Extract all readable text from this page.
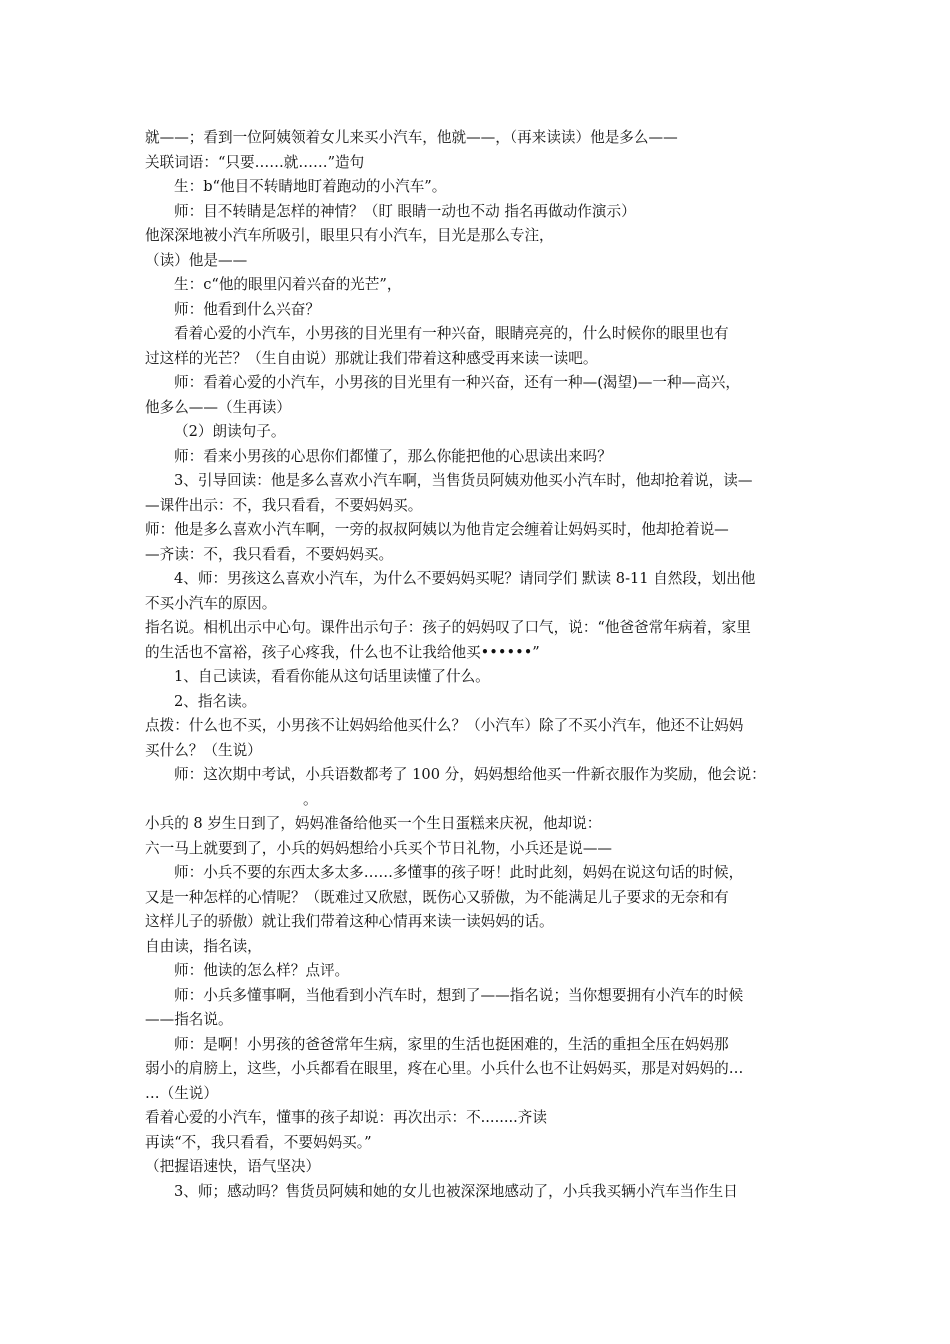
就——；看到一位阿姨领着女儿来买小汽车，他就——，（再来读读）他是多么——
关联词语：“只要……就……”造句
生：b“他目不转睛地盯着跑动的小汽车”。
师：目不转睛是怎样的神情？（盯 眼睛一动也不动 指名再做动作演示）
他深深地被小汽车所吸引，眼里只有小汽车，目光是那么专注，
（读）他是——
生：c“他的眼里闪着兴奋的光芒”，
师：他看到什么兴奋？
看着心爱的小汽车，小男孩的目光里有一种兴奋，眼睛亮亮的，什么时候你的眼里也有
过这样的光芒？（生自由说）那就让我们带着这种感受再来读一读吧。
师：看着心爱的小汽车，小男孩的目光里有一种兴奋，还有一种—(渴望)—一种—高兴，
他多么——（生再读）
（2）朗读句子。
师：看来小男孩的心思你们都懂了，那么你能把他的心思读出来吗？
3、引导回读：他是多么喜欢小汽车啊，当售货员阿姨劝他买小汽车时，他却抢着说，读—
—课件出示：不，我只看看，不要妈妈买。
师：他是多么喜欢小汽车啊，一旁的叔叔阿姨以为他肯定会缠着让妈妈买时，他却抢着说—
—齐读：不，我只看看，不要妈妈买。
4、师：男孩这么喜欢小汽车，为什么不要妈妈买呢？请同学们 默读 8-11 自然段，划出他
不买小汽车的原因。
指名说。相机出示中心句。课件出示句子：孩子的妈妈叹了口气，说：“他爸爸常年病着，家里
的生活也不富裕，孩子心疼我，什么也不让我给他买••••••”
1、自己读读，看看你能从这句话里读懂了什么。
2、指名读。
点拨：什么也不买，小男孩不让妈妈给他买什么？（小汽车）除了不买小汽车，他还不让妈妈
买什么？（生说）
师：这次期中考试，小兵语数都考了 100 分，妈妈想给他买一件新衣服作为奖励，他会说：
。
小兵的 8 岁生日到了，妈妈准备给他买一个生日蛋糕来庆祝，他却说：
六一马上就要到了，小兵的妈妈想给小兵买个节日礼物，小兵还是说——
师：小兵不要的东西太多太多……多懂事的孩子呀！此时此刻，妈妈在说这句话的时候，
又是一种怎样的心情呢？（既难过又欣慰，既伤心又骄傲，为不能满足儿子要求的无奈和有
这样儿子的骄傲）就让我们带着这种心情再来读一读妈妈的话。
自由读，指名读，
师：他读的怎么样？点评。
师：小兵多懂事啊，当他看到小汽车时，想到了——指名说；当你想要拥有小汽车的时候
——指名说。
师：是啊！小男孩的爸爸常年生病，家里的生活也挺困难的，生活的重担全压在妈妈那
弱小的肩膀上，这些，小兵都看在眼里，疼在心里。小兵什么也不让妈妈买，那是对妈妈的…
…（生说）
看着心爱的小汽车，懂事的孩子却说：再次出示：不........齐读
再读“不，我只看看，不要妈妈买。”
（把握语速快，语气坚决）
3、师；感动吗？售货员阿姨和她的女儿也被深深地感动了，小兵我买辆小汽车当作生日
